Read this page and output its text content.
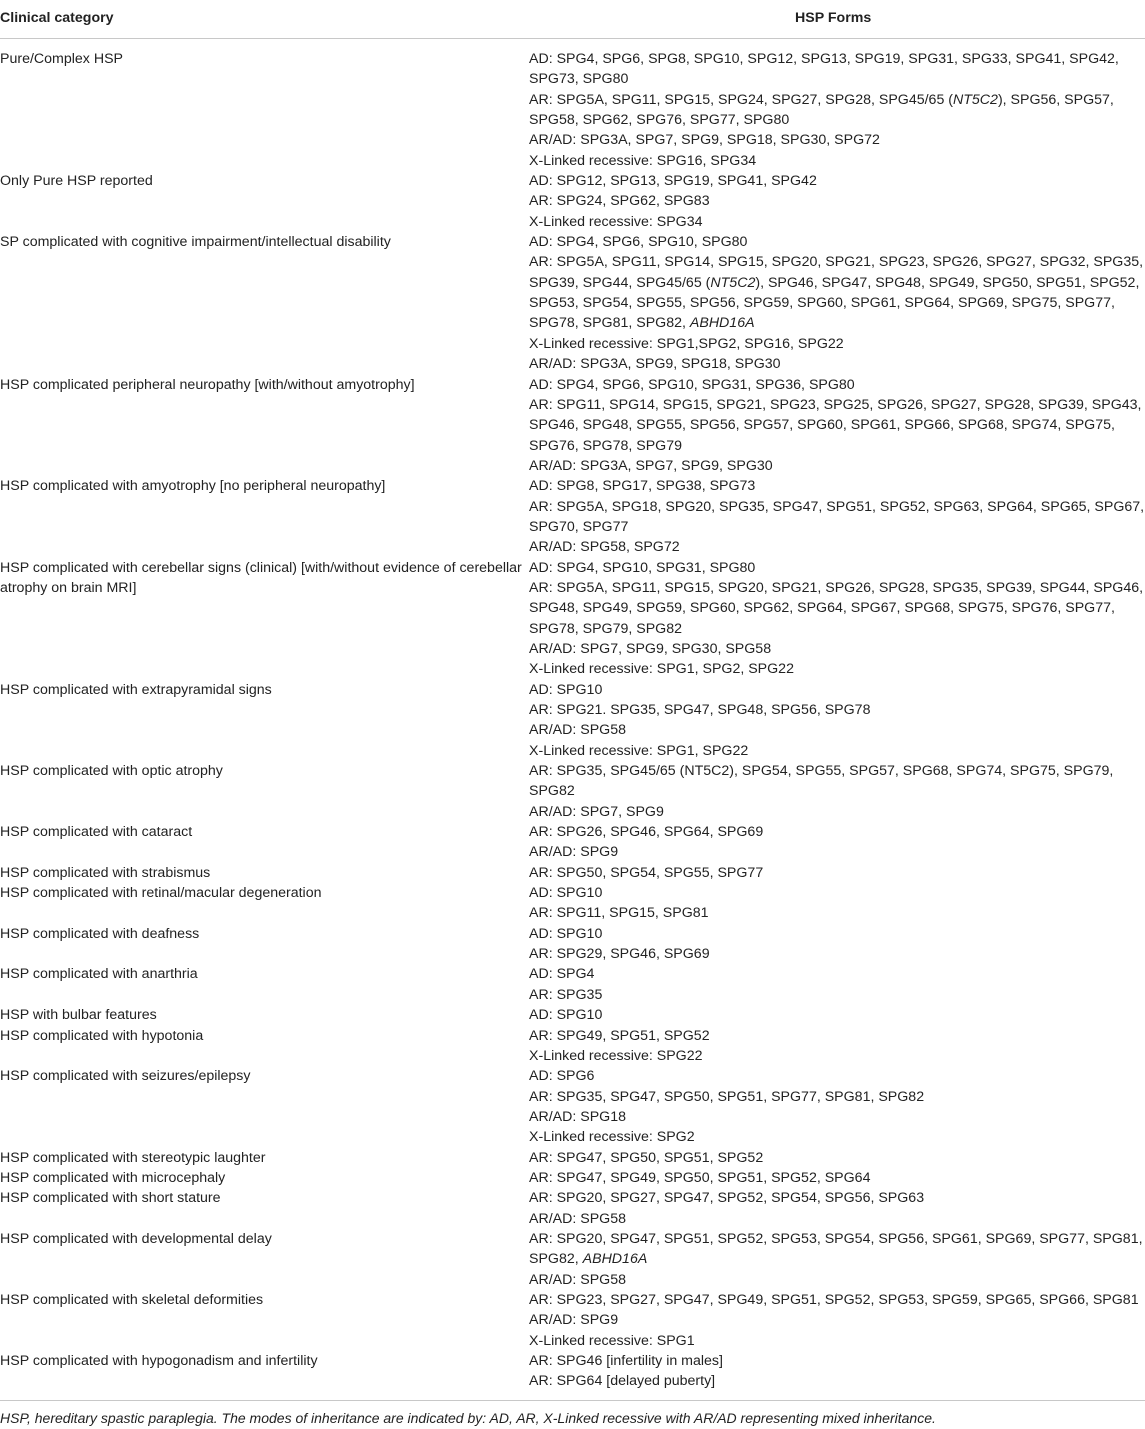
Clinical category	HSP Forms
Pure/Complex HSP	AD: SPG4, SPG6, SPG8, SPG10, SPG12, SPG13, SPG19, SPG31, SPG33, SPG41, SPG42,
SPG73, SPG80
AR: SPG5A, SPG11, SPG15, SPG24, SPG27, SPG28, SPG45/65 (NT5C2), SPG56, SPG57,
SPG58, SPG62, SPG76, SPG77, SPG80
AR/AD: SPG3A, SPG7, SPG9, SPG18, SPG30, SPG72
X-Linked recessive: SPG16, SPG34
Only Pure HSP reported	AD: SPG12, SPG13, SPG19, SPG41, SPG42
AR: SPG24, SPG62, SPG83
X-Linked recessive: SPG34
SP complicated with cognitive impairment/intellectual disability	AD: SPG4, SPG6, SPG10, SPG80
AR: SPG5A, SPG11, SPG14, SPG15, SPG20, SPG21, SPG23, SPG26, SPG27, SPG32, SPG35,
SPG39, SPG44, SPG45/65 (NT5C2), SPG46, SPG47, SPG48, SPG49, SPG50, SPG51, SPG52,
SPG53, SPG54, SPG55, SPG56, SPG59, SPG60, SPG61, SPG64, SPG69, SPG75, SPG77,
SPG78, SPG81, SPG82, ABHD16A
X-Linked recessive: SPG1,SPG2, SPG16, SPG22
AR/AD: SPG3A, SPG9, SPG18, SPG30
HSP complicated peripheral neuropathy [with/without amyotrophy]	AD: SPG4, SPG6, SPG10, SPG31, SPG36, SPG80
AR: SPG11, SPG14, SPG15, SPG21, SPG23, SPG25, SPG26, SPG27, SPG28, SPG39, SPG43,
SPG46, SPG48, SPG55, SPG56, SPG57, SPG60, SPG61, SPG66, SPG68, SPG74, SPG75,
SPG76, SPG78, SPG79
AR/AD: SPG3A, SPG7, SPG9, SPG30
HSP complicated with amyotrophy [no peripheral neuropathy]	AD: SPG8, SPG17, SPG38, SPG73
AR: SPG5A, SPG18, SPG20, SPG35, SPG47, SPG51, SPG52, SPG63, SPG64, SPG65, SPG67,
SPG70, SPG77
AR/AD: SPG58, SPG72
HSP complicated with cerebellar signs (clinical) [with/without evidence of cerebellar
atrophy on brain MRI]
AD: SPG4, SPG10, SPG31, SPG80
AR: SPG5A, SPG11, SPG15, SPG20, SPG21, SPG26, SPG28, SPG35, SPG39, SPG44, SPG46,
SPG48, SPG49, SPG59, SPG60, SPG62, SPG64, SPG67, SPG68, SPG75, SPG76, SPG77,
SPG78, SPG79, SPG82
AR/AD: SPG7, SPG9, SPG30, SPG58
X-Linked recessive: SPG1, SPG2, SPG22
HSP complicated with extrapyramidal signs	AD: SPG10
AR: SPG21. SPG35, SPG47, SPG48, SPG56, SPG78
AR/AD: SPG58
X-Linked recessive: SPG1, SPG22
HSP complicated with optic atrophy	AR: SPG35, SPG45/65 (NT5C2), SPG54, SPG55, SPG57, SPG68, SPG74, SPG75, SPG79,
SPG82
AR/AD: SPG7, SPG9
HSP complicated with cataract	AR: SPG26, SPG46, SPG64, SPG69
AR/AD: SPG9
HSP complicated with strabismus	AR: SPG50, SPG54, SPG55, SPG77
HSP complicated with retinal/macular degeneration	AD: SPG10
AR: SPG11, SPG15, SPG81
HSP complicated with deafness	AD: SPG10
AR: SPG29, SPG46, SPG69
HSP complicated with anarthria	AD: SPG4
AR: SPG35
HSP with bulbar features	AD: SPG10
HSP complicated with hypotonia	AR: SPG49, SPG51, SPG52
X-Linked recessive: SPG22
HSP complicated with seizures/epilepsy	AD: SPG6
AR: SPG35, SPG47, SPG50, SPG51, SPG77, SPG81, SPG82
AR/AD: SPG18
X-Linked recessive: SPG2
HSP complicated with stereotypic laughter	AR: SPG47, SPG50, SPG51, SPG52
HSP complicated with microcephaly	AR: SPG47, SPG49, SPG50, SPG51, SPG52, SPG64
HSP complicated with short stature	AR: SPG20, SPG27, SPG47, SPG52, SPG54, SPG56, SPG63
AR/AD: SPG58
HSP complicated with developmental delay	AR: SPG20, SPG47, SPG51, SPG52, SPG53, SPG54, SPG56, SPG61, SPG69, SPG77, SPG81,
SPG82, ABHD16A
AR/AD: SPG58
HSP complicated with skeletal deformities	AR: SPG23, SPG27, SPG47, SPG49, SPG51, SPG52, SPG53, SPG59, SPG65, SPG66, SPG81
AR/AD: SPG9
X-Linked recessive: SPG1
HSP complicated with hypogonadism and infertility	AR: SPG46 [infertility in males]
AR: SPG64 [delayed puberty]
HSP, hereditary spastic paraplegia. The modes of inheritance are indicated by: AD, AR, X-Linked recessive with AR/AD representing mixed inheritance.
